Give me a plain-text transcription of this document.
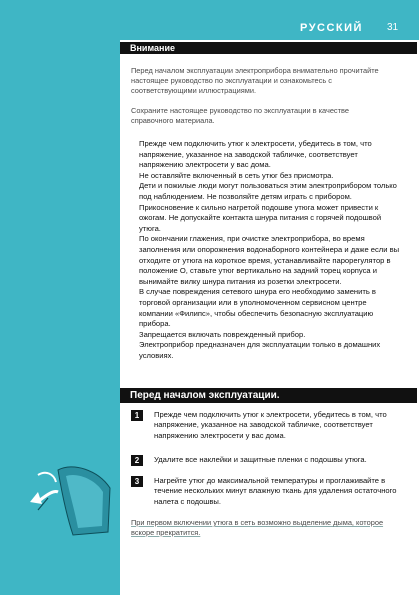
РУССКИЙ 31
Внимание
Перед началом эксплуатации электроприбора внимательно прочитайте настоящее руководство по эксплуатации и ознакомьтесь с соответствующими иллюстрациями.
Сохраните настоящее руководство по эксплуатации в качестве справочного материала.
Прежде чем подключить утюг к электросети, убедитесь в том, что напряжение, указанное на заводской табличке, соответствует напряжению электросети у вас дома.
Не оставляйте включенный в сеть утюг без присмотра.
Дети и пожилые люди могут пользоваться этим электроприбором только под наблюдением. Не позволяйте детям играть с прибором.
Прикосновение к сильно нагретой подошве утюга может привести к ожогам. Не допускайте контакта шнура питания с горячей подошвой утюга.
По окончании глажения, при очистке электроприбора, во время заполнения или опорожнения водонаборного контейнера и даже если вы отходите от утюга на короткое время, устанавливайте парорегулятор в положение O, ставьте утюг вертикально на задний торец корпуса и вынимайте вилку шнура питания из розетки электросети.
В случае повреждения сетевого шнура его необходимо заменить в торговой организации или в уполномоченном сервисном центре компании «Филипс», чтобы обеспечить безопасную эксплуатацию прибора.
Запрещается включать поврежденный прибор.
Электроприбор предназначен для эксплуатации только в домашних условиях.
Перед началом эксплуатации.
1	Прежде чем подключить утюг к электросети, убедитесь в том, что напряжение, указанное на заводской табличке, соответствует напряжению электросети у вас дома.
2	Удалите все наклейки и защитные пленки с подошвы утюга.
3	Нагрейте утюг до максимальной температуры и проглаживайте в течение нескольких минут влажную ткань для удаления остаточного налета с подошвы.
При первом включении утюга в сеть возможно выделение дыма, которое вскоре прекратится.
